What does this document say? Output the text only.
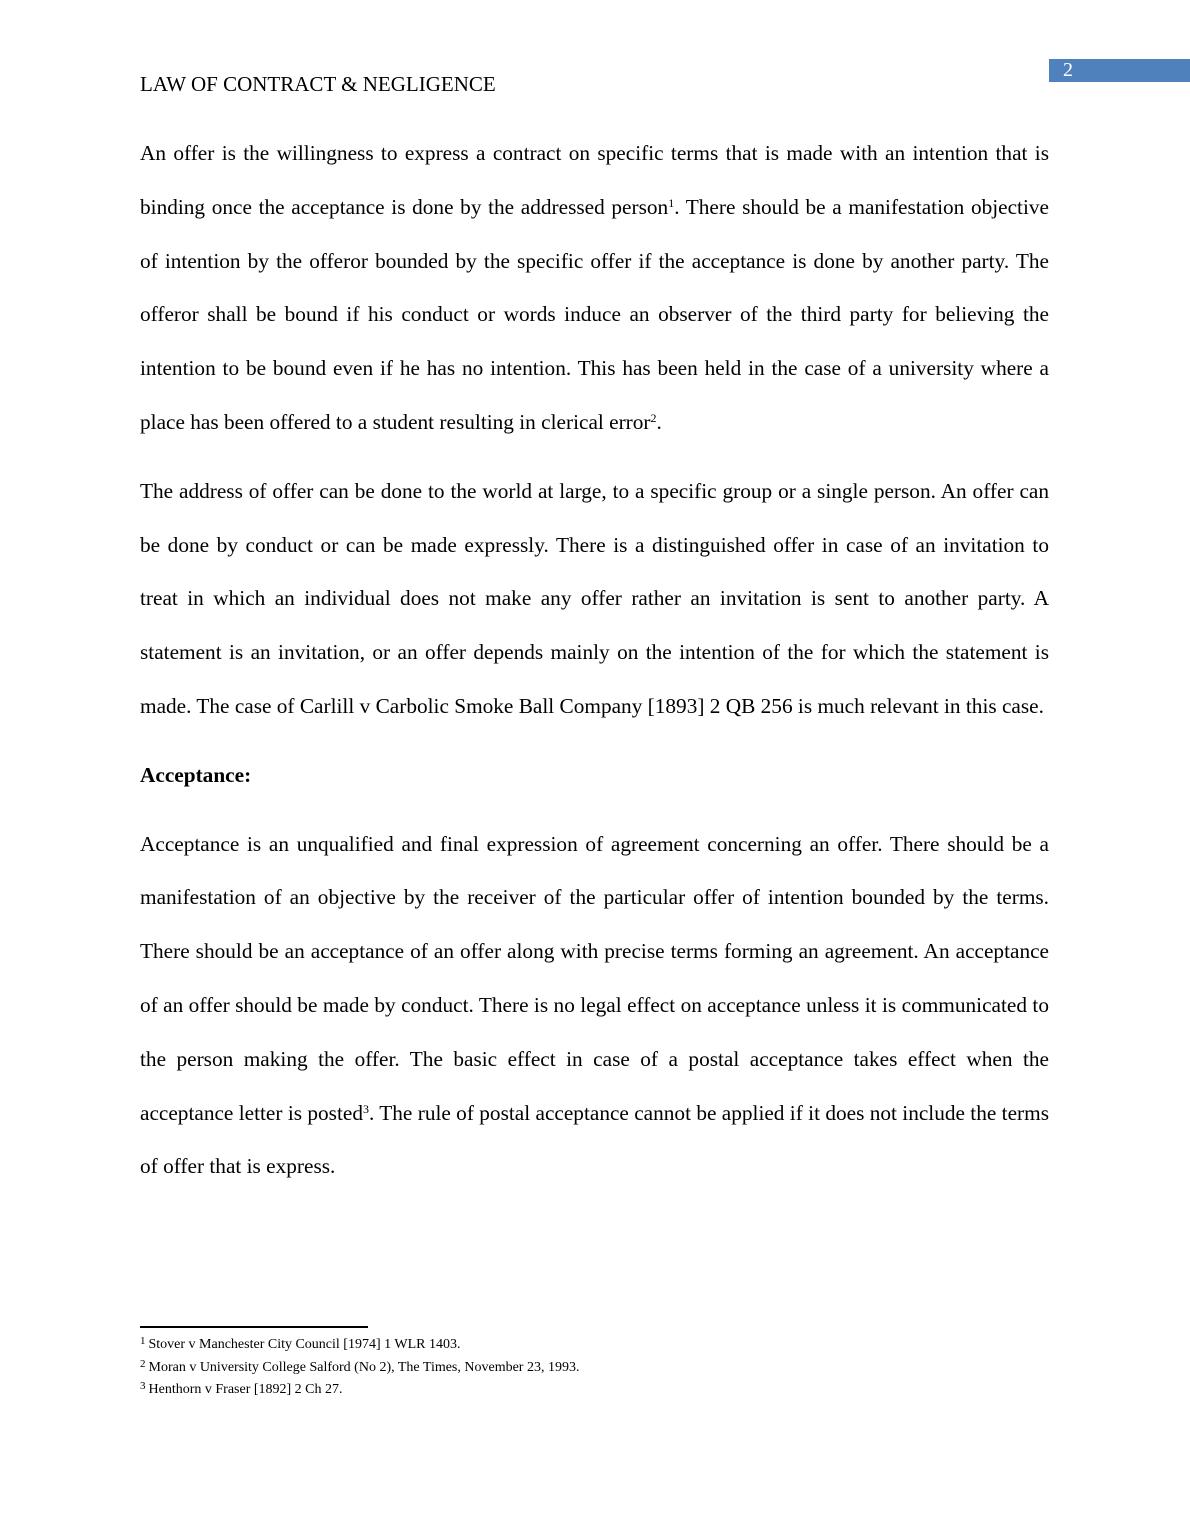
2
LAW OF CONTRACT & NEGLIGENCE

An offer is the willingness to express a contract on specific terms that is made with an intention that is binding once the acceptance is done by the addressed person$^1$. There should be a manifestation objective of intention by the offeror bounded by the specific offer if the acceptance is done by another party. The offeror shall be bound if his conduct or words induce an observer of the third party for believing the intention to be bound even if he has no intention. This has been held in the case of a university where a place has been offered to a student resulting in clerical error$^2$.

The address of offer can be done to the world at large, to a specific group or a single person. An offer can be done by conduct or can be made expressly. There is a distinguished offer in case of an invitation to treat in which an individual does not make any offer rather an invitation is sent to another party. A statement is an invitation, or an offer depends mainly on the intention of the for which the statement is made. The case of Carlill v Carbolic Smoke Ball Company [1893] 2 QB 256 is much relevant in this case.

Acceptance:

Acceptance is an unqualified and final expression of agreement concerning an offer. There should be a manifestation of an objective by the receiver of the particular offer of intention bounded by the terms. There should be an acceptance of an offer along with precise terms forming an agreement. An acceptance of an offer should be made by conduct. There is no legal effect on acceptance unless it is communicated to the person making the offer. The basic effect in case of a postal acceptance takes effect when the acceptance letter is posted$^3$. The rule of postal acceptance cannot be applied if it does not include the terms of offer that is express.

$^1$ Stover v Manchester City Council [1974] 1 WLR 1403.
$^2$ Moran v University College Salford (No 2), The Times, November 23, 1993.
$^3$ Henthorn v Fraser [1892] 2 Ch 27.
